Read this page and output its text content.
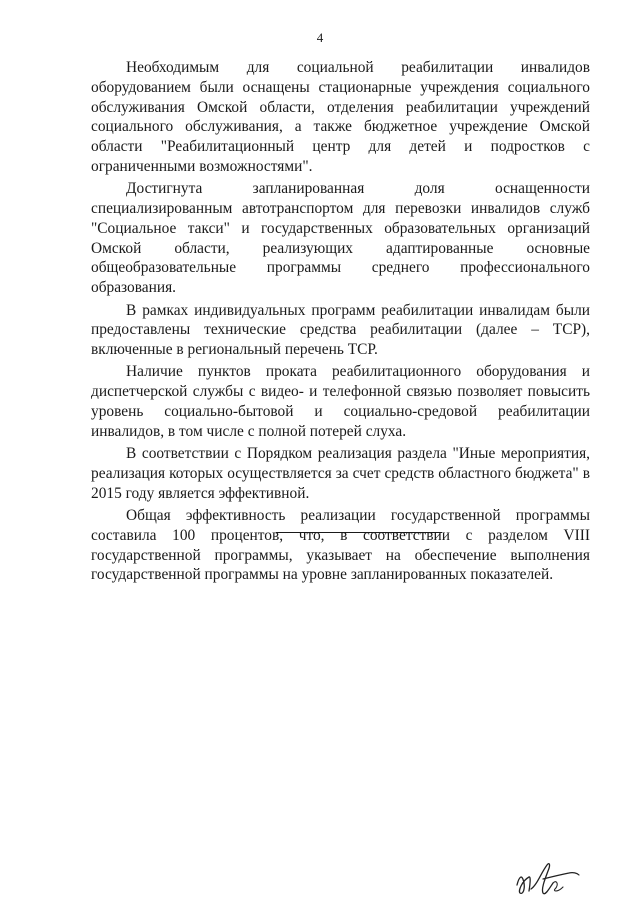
4

Необходимым для социальной реабилитации инвалидов оборудованием были оснащены стационарные учреждения социального обслуживания Омской области, отделения реабилитации учреждений социального обслуживания, а также бюджетное учреждение Омской области "Реабилитационный центр для детей и подростков с ограниченными возможностями".

Достигнута запланированная доля оснащенности специализированным автотранспортом для перевозки инвалидов служб "Социальное такси" и государственных образовательных организаций Омской области, реализующих адаптированные основные общеобразовательные программы среднего профессионального образования.

В рамках индивидуальных программ реабилитации инвалидам были предоставлены технические средства реабилитации (далее – ТСР), включенные в региональный перечень ТСР.

Наличие пунктов проката реабилитационного оборудования и диспетчерской службы с видео- и телефонной связью позволяет повысить уровень социально-бытовой и социально-средовой реабилитации инвалидов, в том числе с полной потерей слуха.

В соответствии с Порядком реализация раздела "Иные мероприятия, реализация которых осуществляется за счет средств областного бюджета" в 2015 году является эффективной.

Общая эффективность реализации государственной программы составила 100 процентов, что, в соответствии с разделом VIII государственной программы, указывает на обеспечение выполнения государственной программы на уровне запланированных показателей.
